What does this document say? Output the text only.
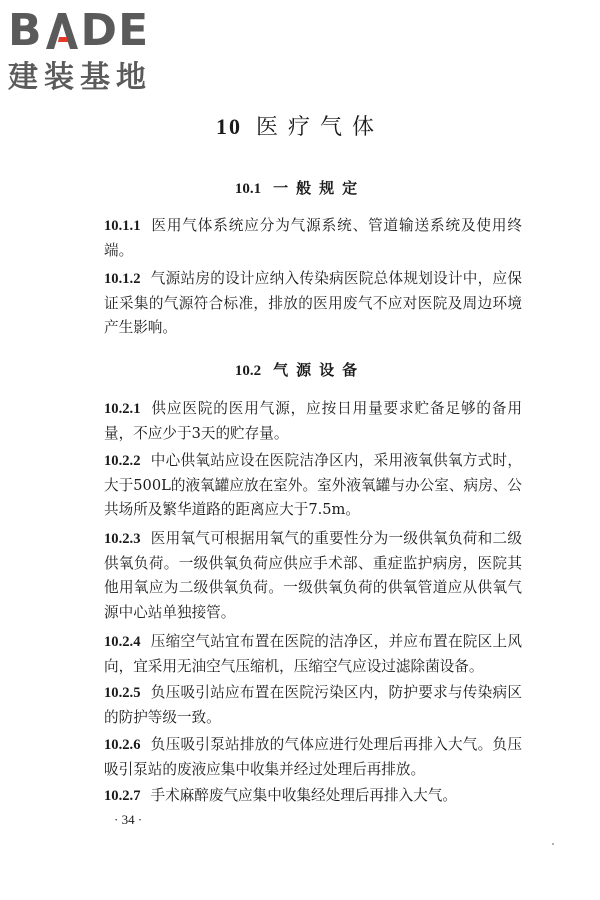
B DE
建装基地
10 医疗气体
10.1 一般规定
10.1.1 医用气体系统应分为气源系统、管道输送系统及使用终端。
10.1.2 气源站房的设计应纳入传染病医院总体规划设计中，应保证采集的气源符合标准，排放的医用废气不应对医院及周边环境产生影响。
10.2 气源设备
10.2.1 供应医院的医用气源，应按日用量要求贮备足够的备用量，不应少于3天的贮存量。
10.2.2 中心供氧站应设在医院洁净区内，采用液氧供氧方式时，大于500L的液氧罐应放在室外。室外液氧罐与办公室、病房、公共场所及繁华道路的距离应大于7.5m。
10.2.3 医用氧气可根据用氧气的重要性分为一级供氧负荷和二级供氧负荷。一级供氧负荷应供应手术部、重症监护病房，医院其他用氧应为二级供氧负荷。一级供氧负荷的供氧管道应从供氧气源中心站单独接管。
10.2.4 压缩空气站宜布置在医院的洁净区，并应布置在院区上风向，宜采用无油空气压缩机，压缩空气应设过滤除菌设备。
10.2.5 负压吸引站应布置在医院污染区内，防护要求与传染病区的防护等级一致。
10.2.6 负压吸引泵站排放的气体应进行处理后再排入大气。负压吸引泵站的废液应集中收集并经过处理后再排放。
10.2.7 手术麻醉废气应集中收集经处理后再排入大气。
· 34 ·
